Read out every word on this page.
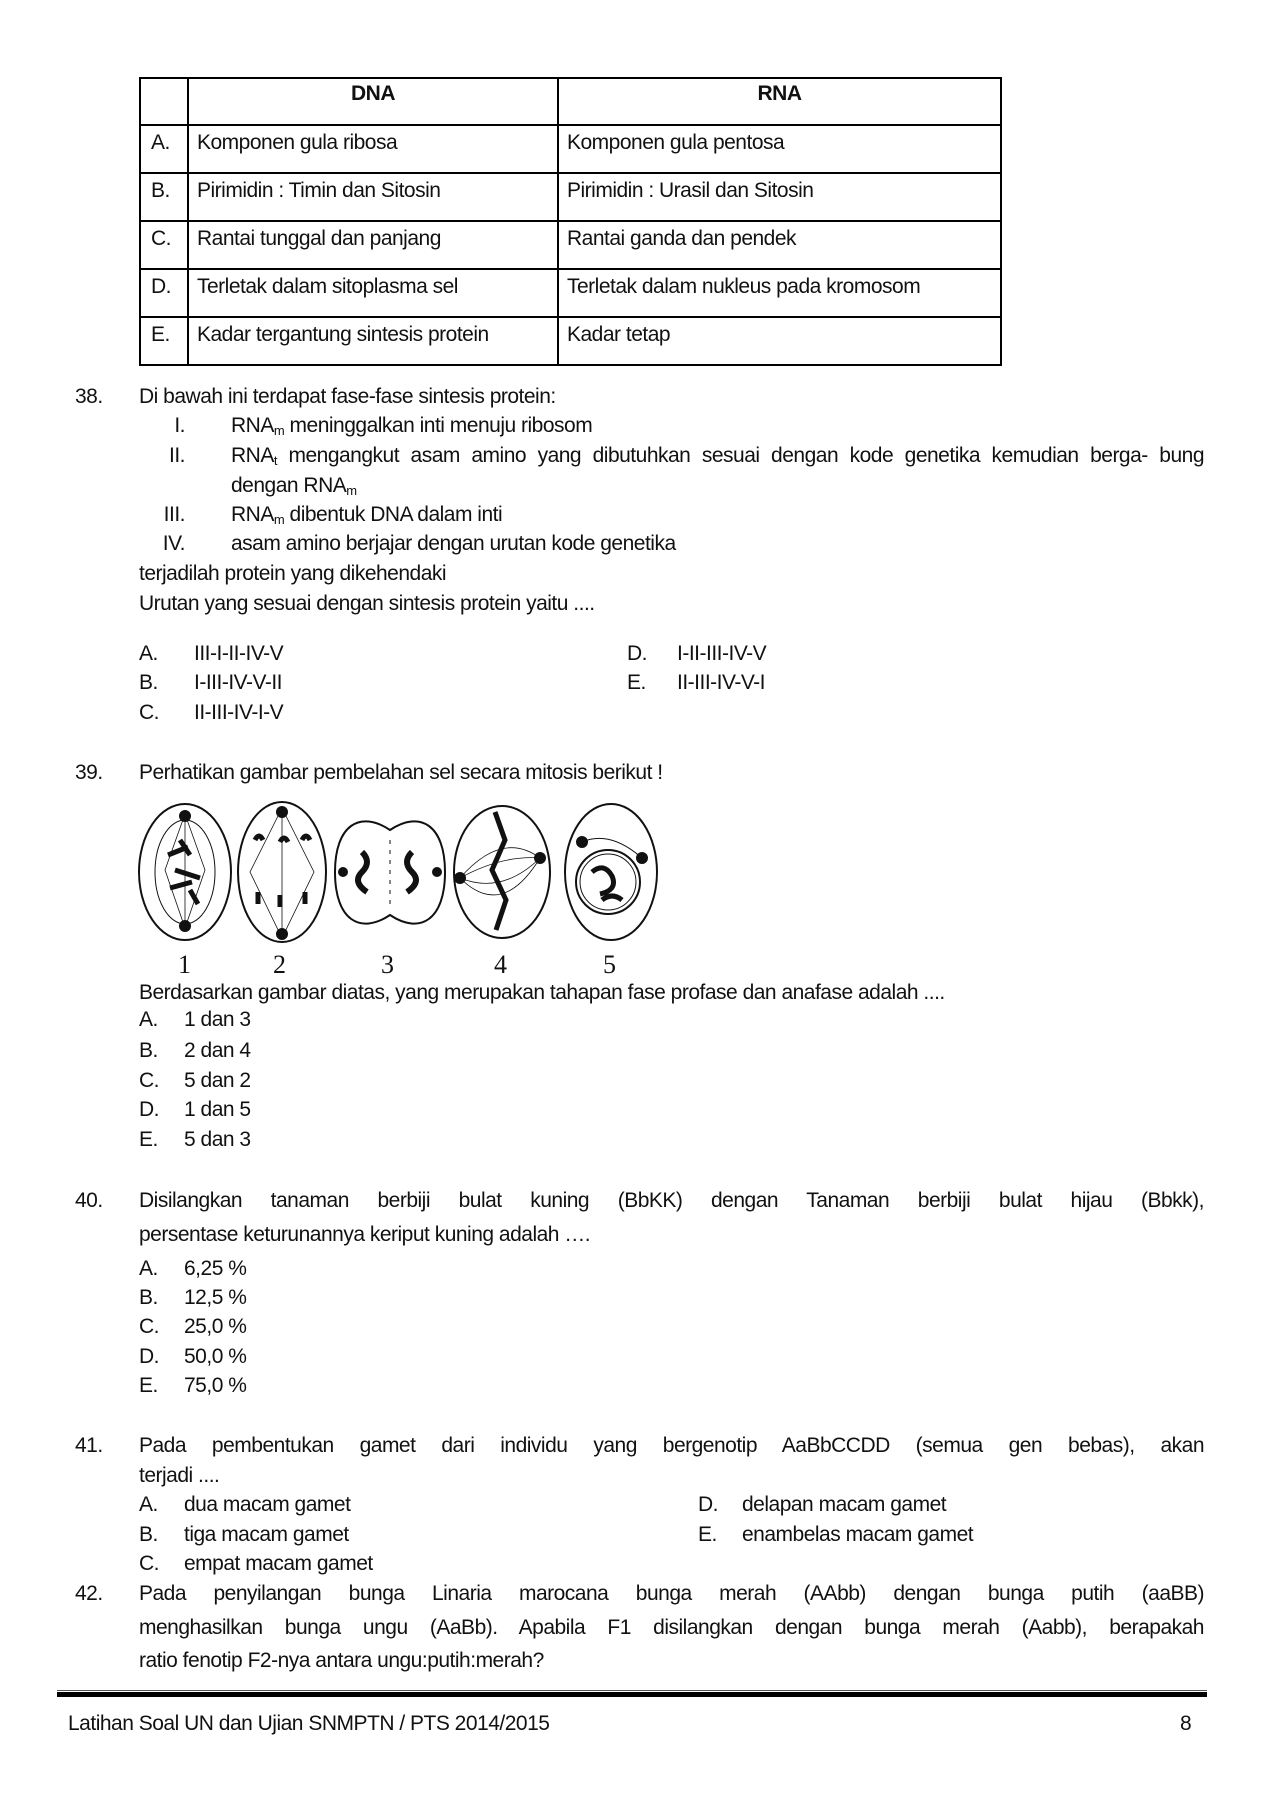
	DNA	RNA
A.	Komponen gula ribosa	Komponen gula pentosa
B.	Pirimidin : Timin dan Sitosin	Pirimidin : Urasil dan Sitosin
C.	Rantai tunggal dan panjang	Rantai ganda dan pendek
D.	Terletak dalam sitoplasma sel	Terletak dalam nukleus pada kromosom
E.	Kadar tergantung sintesis protein	Kadar tetap
38. Di bawah ini terdapat fase-fase sintesis protein:
I. $RNA_m$ meninggalkan inti menuju ribosom
II. $RNA_t$ mengangkut asam amino yang dibutuhkan sesuai dengan kode genetika kemudian berga- bung
dengan $RNA_m$
III. $RNA_m$ dibentuk DNA dalam inti
IV. asam amino berjajar dengan urutan kode genetika
terjadilah protein yang dikehendaki
Urutan yang sesuai dengan sintesis protein yaitu ....
A. III-I-II-IV-V
B. I-III-IV-V-II
C. II-III-IV-I-V
D. I-II-III-IV-V
E. II-III-IV-V-I
39. Perhatikan gambar pembelahan sel secara mitosis berikut !
1	2	3	4	5
Berdasarkan gambar diatas, yang merupakan tahapan fase profase dan anafase adalah ....
A. 1 dan 3
B. 2 dan 4
C. 5 dan 2
D. 1 dan 5
E. 5 dan 3
40. Disilangkan tanaman berbiji bulat kuning (BbKK) dengan Tanaman berbiji bulat hijau (Bbkk),
persentase keturunannya keriput kuning adalah ….
A. 6,25 %
B. 12,5 %
C. 25,0 %
D. 50,0 %
E. 75,0 %
41. Pada pembentukan gamet dari individu yang bergenotip AaBbCCDD (semua gen bebas), akan
terjadi ....
A. dua macam gamet
B. tiga macam gamet
C. empat macam gamet
D. delapan macam gamet
E. enambelas macam gamet
42. Pada penyilangan bunga Linaria marocana bunga merah (AAbb) dengan bunga putih (aaBB)
menghasilkan bunga ungu (AaBb). Apabila F1 disilangkan dengan bunga merah (Aabb), berapakah
ratio fenotip F2-nya antara ungu:putih:merah?
Latihan Soal UN dan Ujian SNMPTN / PTS 2014/2015	8
